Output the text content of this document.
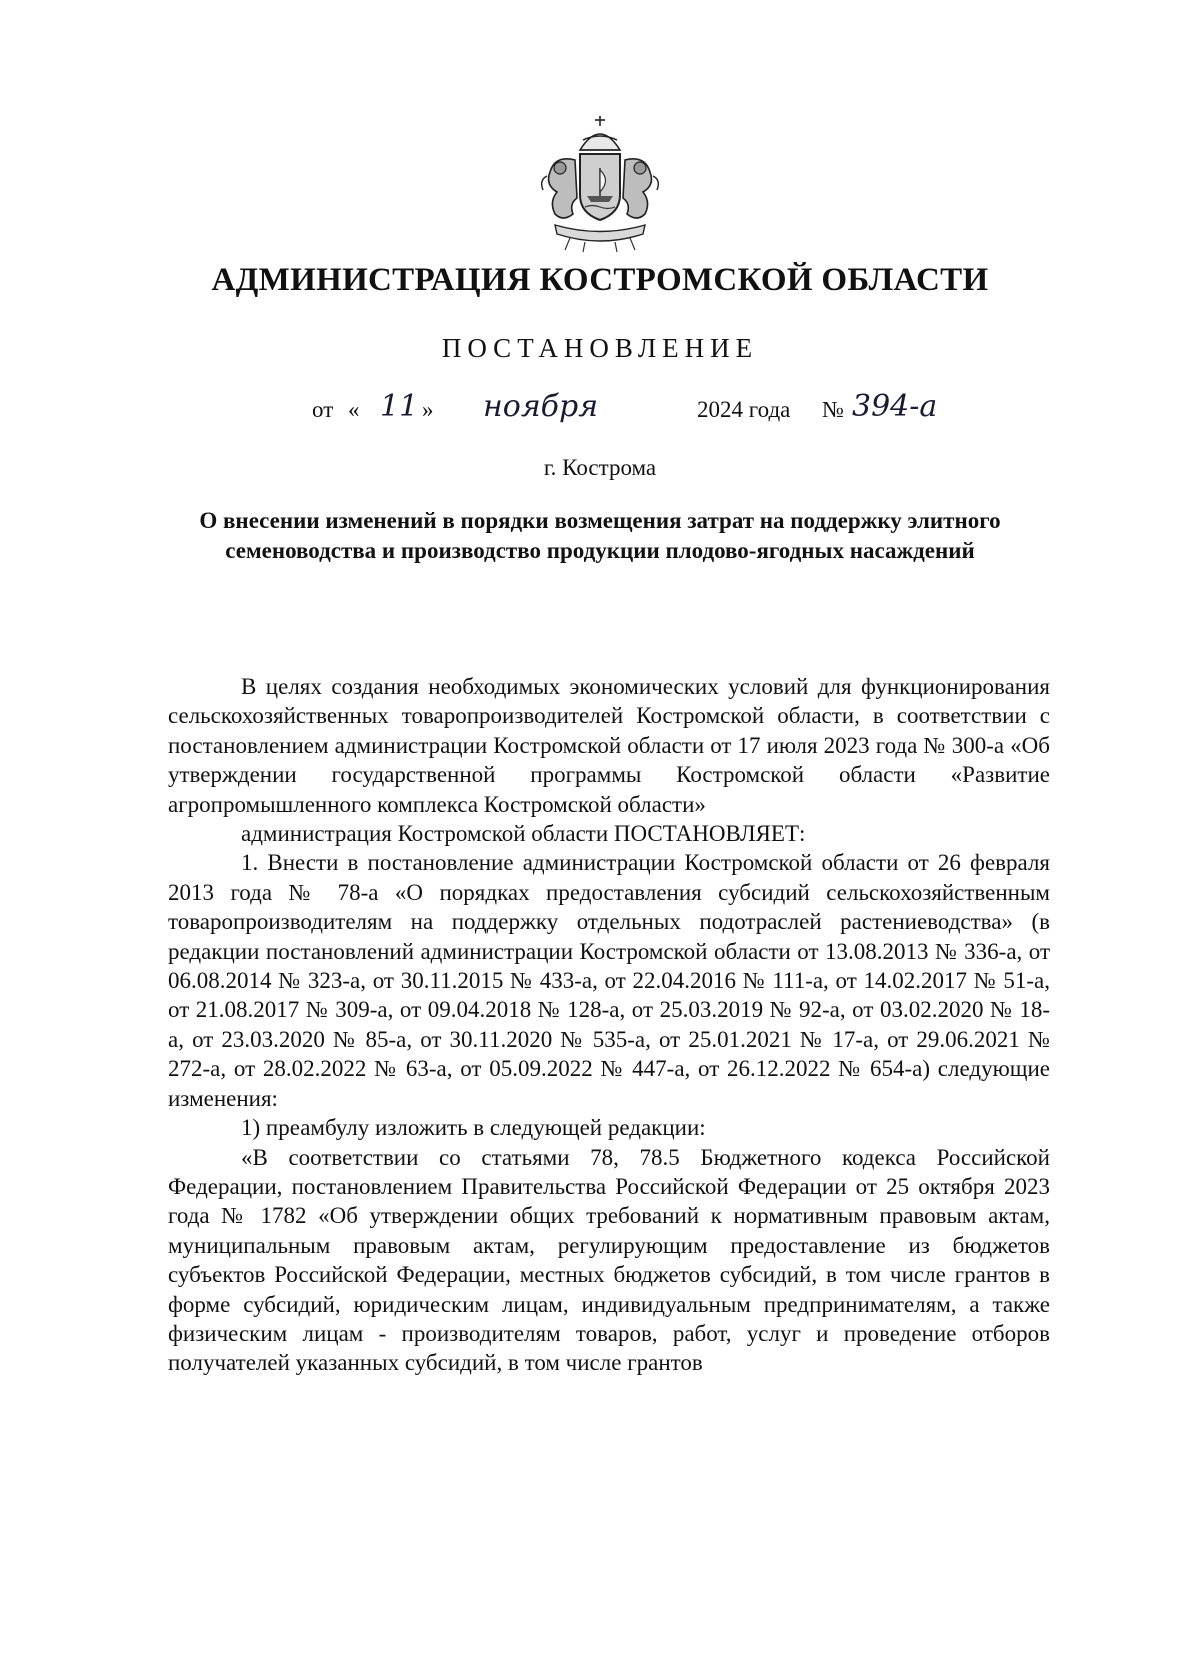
АДМИНИСТРАЦИЯ КОСТРОМСКОЙ ОБЛАСТИ
ПОСТАНОВЛЕНИЕ
от « 11 » ноября	2024 года № 394-а
г. Кострома
О внесении изменений в порядки возмещения затрат на поддержку элитного семеноводства и производство продукции плодово-ягодных насаждений

В целях создания необходимых экономических условий для функционирования сельскохозяйственных товаропроизводителей Костромской области, в соответствии с постановлением администрации Костромской области от 17 июля 2023 года № 300-а «Об утверждении государственной программы Костромской области «Развитие агропромышленного комплекса Костромской области»

администрация Костромской области ПОСТАНОВЛЯЕТ:

1. Внести в постановление администрации Костромской области от 26 февраля 2013 года № 78-а «О порядках предоставления субсидий сельскохозяйственным товаропроизводителям на поддержку отдельных подотраслей растениеводства» (в редакции постановлений администрации Костромской области от 13.08.2013 № 336-а, от 06.08.2014 № 323-а, от 30.11.2015 № 433-а, от 22.04.2016 № 111-а, от 14.02.2017 № 51-а, от 21.08.2017 № 309-а, от 09.04.2018 № 128-а, от 25.03.2019 № 92-а, от 03.02.2020 № 18-а, от 23.03.2020 № 85-а, от 30.11.2020 № 535-а, от 25.01.2021 № 17-а, от 29.06.2021 № 272-а, от 28.02.2022 № 63-а, от 05.09.2022 № 447-а, от 26.12.2022 № 654-а) следующие изменения:

1) преамбулу изложить в следующей редакции:

«В соответствии со статьями 78, 78.5 Бюджетного кодекса Российской Федерации, постановлением Правительства Российской Федерации от 25 октября 2023 года № 1782 «Об утверждении общих требований к нормативным правовым актам, муниципальным правовым актам, регулирующим предоставление из бюджетов субъектов Российской Федерации, местных бюджетов субсидий, в том числе грантов в форме субсидий, юридическим лицам, индивидуальным предпринимателям, а также физическим лицам - производителям товаров, работ, услуг и проведение отборов получателей указанных субсидий, в том числе грантов
